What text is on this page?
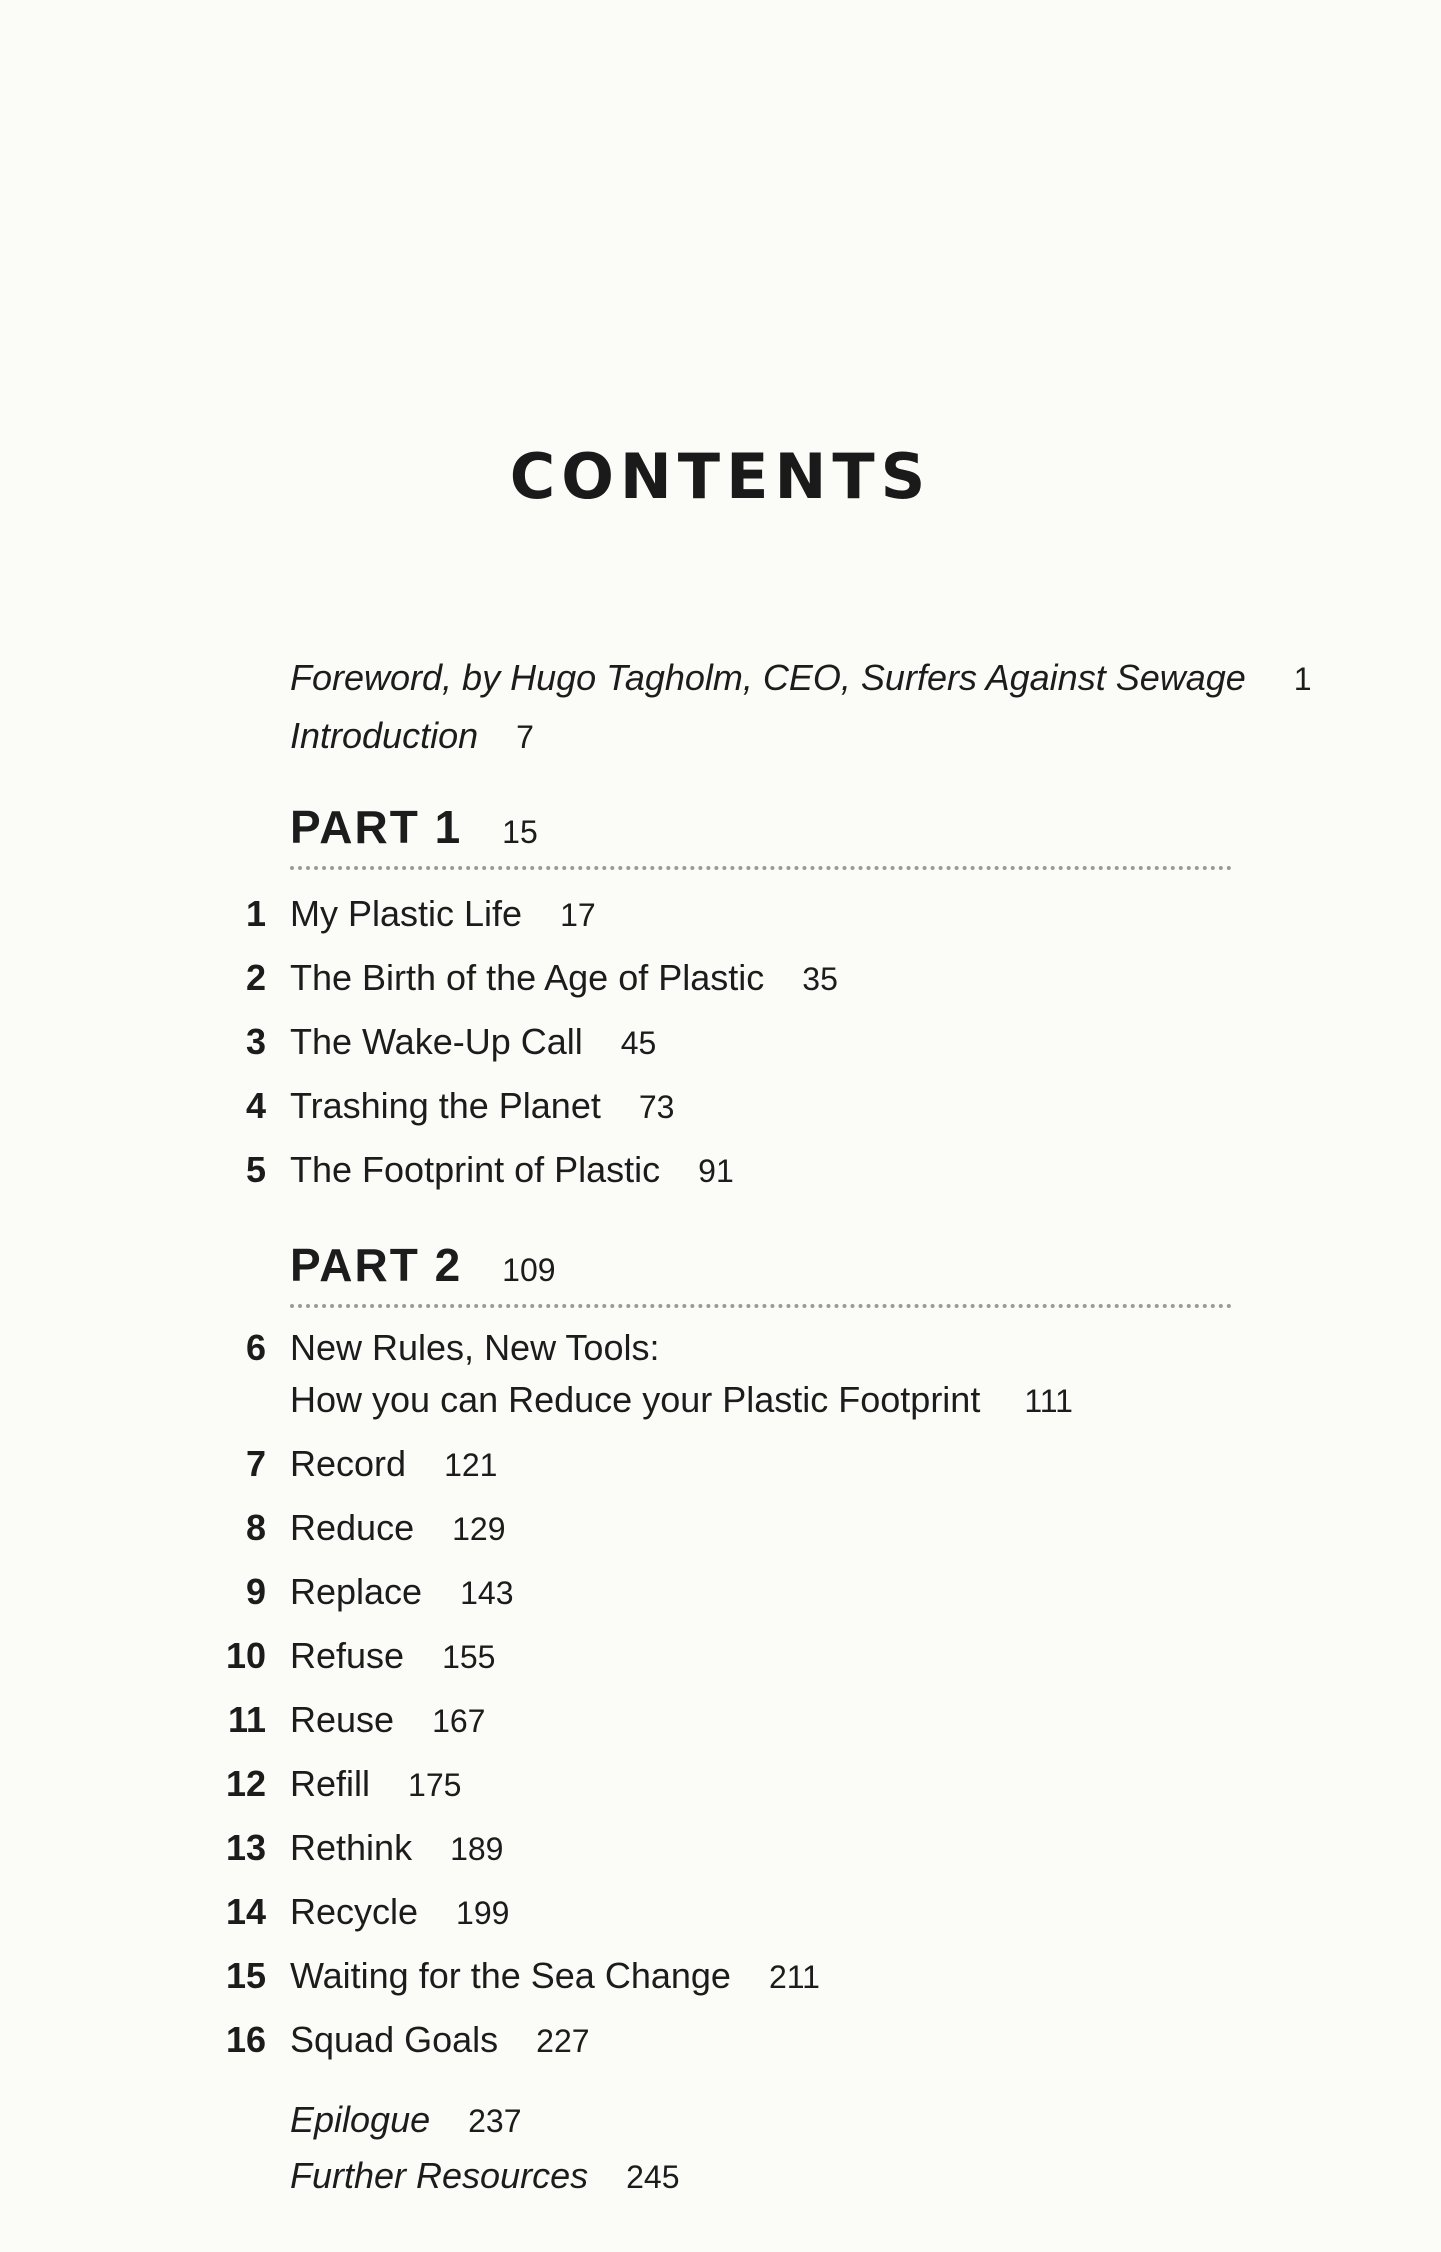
CONTENTS
Foreword, by Hugo Tagholm, CEO, Surfers Against Sewage 1
Introduction 7
PART 1 15
1 My Plastic Life 17
2 The Birth of the Age of Plastic 35
3 The Wake-Up Call 45
4 Trashing the Planet 73
5 The Footprint of Plastic 91
PART 2 109
6 New Rules, New Tools:
How you can Reduce your Plastic Footprint 111
7 Record 121
8 Reduce 129
9 Replace 143
10 Refuse 155
11 Reuse 167
12 Refill 175
13 Rethink 189
14 Recycle 199
15 Waiting for the Sea Change 211
16 Squad Goals 227
Epilogue 237
Further Resources 245
